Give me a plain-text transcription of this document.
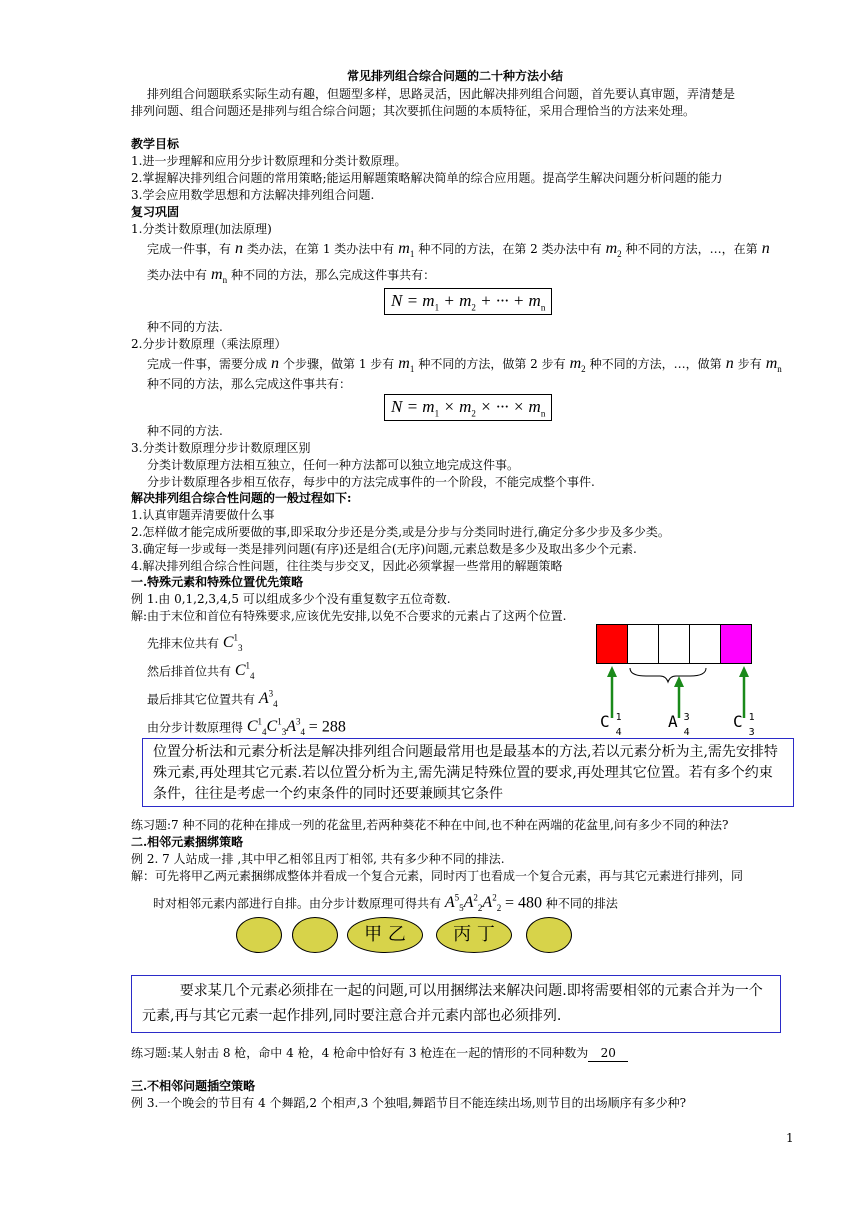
常见排列组合综合问题的二十种方法小结
排列组合问题联系实际生动有趣，但题型多样，思路灵活，因此解决排列组合问题，首先要认真审题，弄清楚是
排列问题、组合问题还是排列与组合综合问题；其次要抓住问题的本质特征，采用合理恰当的方法来处理。
教学目标
1.进一步理解和应用分步计数原理和分类计数原理。
2.掌握解决排列组合问题的常用策略;能运用解题策略解决简单的综合应用题。提高学生解决问题分析问题的能力
3.学会应用数学思想和方法解决排列组合问题.
复习巩固
1.分类计数原理(加法原理)
完成一件事，有 n 类办法，在第 1 类办法中有 $m_1$ 种不同的方法，在第 2 类办法中有 $m_2$ 种不同的方法，…，在第 n
类办法中有 $m_n$ 种不同的方法，那么完成这件事共有：
$N = m_1 + m_2$ + ··· + $m_n$
种不同的方法.
2.分步计数原理（乘法原理）
完成一件事，需要分成 n 个步骤，做第 1 步有 $m_1$ 种不同的方法，做第 2 步有 $m_2$ 种不同的方法，…，做第 n 步有 $m_n$
种不同的方法，那么完成这件事共有：
$N = m_1 \times m_2$ × ··· × $m_n$
种不同的方法.
3.分类计数原理分步计数原理区别
分类计数原理方法相互独立，任何一种方法都可以独立地完成这件事。
分步计数原理各步相互依存，每步中的方法完成事件的一个阶段，不能完成整个事件.
解决排列组合综合性问题的一般过程如下:
1.认真审题弄清要做什么事
2.怎样做才能完成所要做的事,即采取分步还是分类,或是分步与分类同时进行,确定分多少步及多少类。
3.确定每一步或每一类是排列问题(有序)还是组合(无序)问题,元素总数是多少及取出多少个元素.
4.解决排列组合综合性问题，往往类与步交叉，因此必须掌握一些常用的解题策略
一.特殊元素和特殊位置优先策略
例 1.由 0,1,2,3,4,5 可以组成多少个没有重复数字五位奇数.
解:由于末位和首位有特殊要求,应该优先安排,以免不合要求的元素占了这两个位置.
先排末位共有 $C^1_3$
然后排首位共有 $C^1_4$
最后排其它位置共有 $A^3_4$
由分步计数原理得 $C^1_4C^1_3A^3_4 = 288$	C $^1_4$
A $^3_4$
C $^1_3$
位置分析法和元素分析法是解决排列组合问题最常用也是最基本的方法,若以元素分析为主,需先安排特殊元素,再处理其它元素.若以位置分析为主,需先满足特殊位置的要求,再处理其它位置。若有多个约束条件，往往是考虑一个约束条件的同时还要兼顾其它条件
练习题:7 种不同的花种在排成一列的花盆里,若两种葵花不种在中间,也不种在两端的花盆里,问有多少不同的种法?
二.相邻元素捆绑策略
例 2. 7 人站成一排 ,其中甲乙相邻且丙丁相邻, 共有多少种不同的排法.
解：可先将甲乙两元素捆绑成整体并看成一个复合元素，同时丙丁也看成一个复合元素，再与其它元素进行排列，同
时对相邻元素内部进行自排。由分步计数原理可得共有 $A^5_5A^2_2A^2_2 = 480$ 种不同的排法
甲 乙	丙 丁
要求某几个元素必须排在一起的问题,可以用捆绑法来解决问题.即将需要相邻的元素合并为一个元素,再与其它元素一起作排列,同时要注意合并元素内部也必须排列.
练习题:某人射击 8 枪，命中 4 枪，4 枪命中恰好有 3 枪连在一起的情形的不同种数为 20
三.不相邻问题插空策略
例 3.一个晚会的节目有 4 个舞蹈,2 个相声,3 个独唱,舞蹈节目不能连续出场,则节目的出场顺序有多少种?
1
